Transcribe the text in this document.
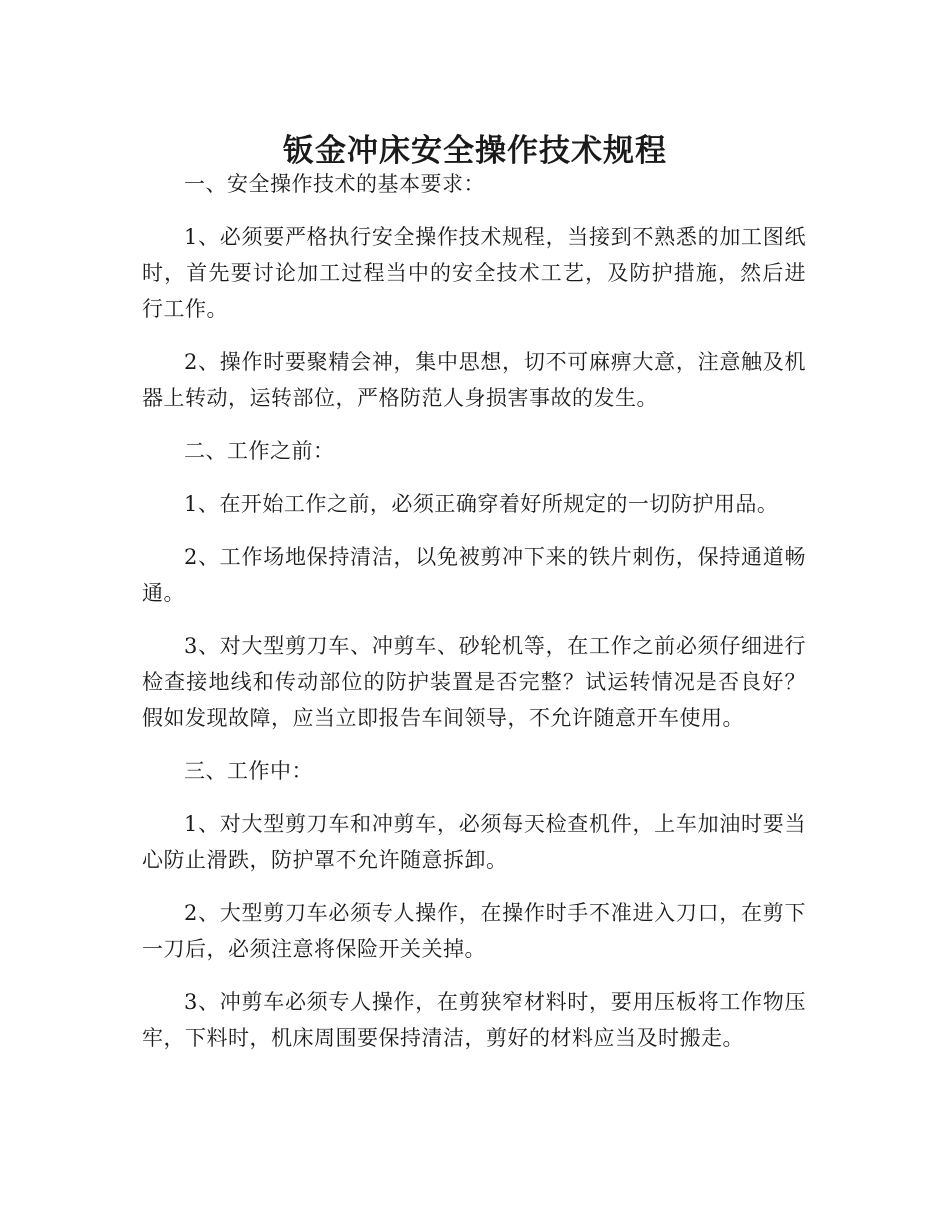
钣金冲床安全操作技术规程

一、安全操作技术的基本要求：

1、必须要严格执行安全操作技术规程，当接到不熟悉的加工图纸时，首先要讨论加工过程当中的安全技术工艺，及防护措施，然后进行工作。

2、操作时要聚精会神，集中思想，切不可麻痹大意，注意触及机器上转动，运转部位，严格防范人身损害事故的发生。

二、工作之前：

1、在开始工作之前，必须正确穿着好所规定的一切防护用品。

2、工作场地保持清洁，以免被剪冲下来的铁片刺伤，保持通道畅通。

3、对大型剪刀车、冲剪车、砂轮机等，在工作之前必须仔细进行检查接地线和传动部位的防护装置是否完整？试运转情况是否良好？假如发现故障，应当立即报告车间领导，不允许随意开车使用。

三、工作中：

1、对大型剪刀车和冲剪车，必须每天检查机件，上车加油时要当心防止滑跌，防护罩不允许随意拆卸。

2、大型剪刀车必须专人操作，在操作时手不准进入刀口，在剪下一刀后，必须注意将保险开关关掉。

3、冲剪车必须专人操作，在剪狭窄材料时，要用压板将工作物压牢，下料时，机床周围要保持清洁，剪好的材料应当及时搬走。
